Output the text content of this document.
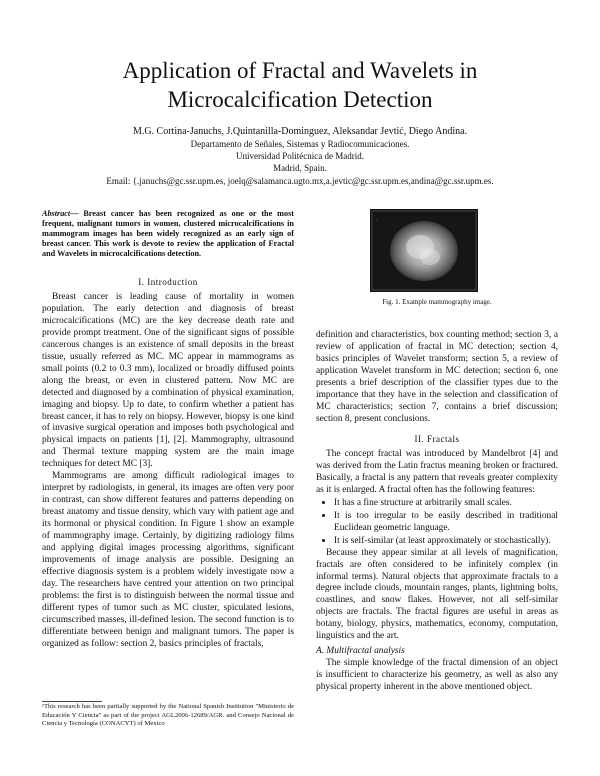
Application of Fractal and Wavelets in Microcalcification Detection
M.G. Cortina-Januchs, J.Quintanilla-Dominguez, Aleksandar Jevtić, Diego Andina.
Departamento de Señales, Sistemas y Radiocomunicaciones.
Universidad Politécnica de Madrid.
Madrid, Spain.
Email: {.januchs@gc.ssr.upm.es, joelq@salamanca.ugto.mx,a.jevtic@gc.ssr.upm.es,andina@gc.ssr.upm.es.
Abstract— Breast cancer has been recognized as one or the most frequent, malignant tumors in women, clustered microcalcifications in mammogram images has been widely recognized as an early sign of breast cancer. This work is devote to review the application of Fractal and Wavelets in microcalcifications detection.
I. Introduction

Breast cancer is leading cause of mortality in women population. The early detection and diagnosis of breast microcalcifications (MC) are the key decrease death rate and provide prompt treatment. One of the significant signs of possible cancerous changes is an existence of small deposits in the breast tissue, usually referred as MC. MC appear in mammograms as small points (0.2 to 0.3 mm), localized or broadly diffused points along the breast, or even in clustered pattern. Now MC are detected and diagnosed by a combination of physical examination, imaging and biopsy. Up to date, to confirm whether a patient has breast cancer, it has to rely on biopsy. However, biopsy is one kind of invasive surgical operation and imposes both psychological and physical impacts on patients [1], [2]. Mammography, ultrasound and Thermal texture mapping system are the main image techniques for detect MC [3].

Mammograms are among difficult radiological images to interpret by radiologists, in general, its images are often very poor in contrast, can show different features and patterns depending on breast anatomy and tissue density, which vary with patient age and its hormonal or physical condition. In Figure 1 show an example of mammography image. Certainly, by digitizing radiology films and applying digital images processing algorithms, significant improvements of image analysis are possible. Designing an effective diagnosis system is a problem widely investigate now a day. The researchers have centred your attention on two principal problems: the first is to distinguish between the normal tissue and different types of tumor such as MC cluster, spiculated lesions, circumscribed masses, ill-defined lesion. The second function is to differentiate between benign and malignant tumors. The paper is organized as follow: section 2, basics principles of fractals,

¹This research has been partially supported by the National Spanish Institution "Ministerio de Educación Y Ciencia" as part of the project AGL2006-12689/AGR. and Consejo Nacional de Ciencia y Tecnología (CONACYT) of Mexico
·
Fig. 1. Example mammography image.

definition and characteristics, box counting method; section 3, a review of application of fractal in MC detection; section 4, basics principles of Wavelet transform; section 5, a review of application Wavelet transform in MC detection; section 6, one presents a brief description of the classifier types due to the importance that they have in the selection and classification of MC characteristics; section 7, contains a brief discussion; section 8, present conclusions.

II. Fractals

The concept fractal was introduced by Mandelbrot [4] and was derived from the Latin fractus meaning broken or fractured. Basically, a fractal is any pattern that reveals greater complexity as it is enlarged. A fractal often has the following features:

• It has a fine structure at arbitrarily small scales.
• It is too irregular to be easily described in traditional Euclidean geometric language.
• It is self-similar (at least approximately or stochastically).

Because they appear similar at all levels of magnification, fractals are often considered to be infinitely complex (in informal terms). Natural objects that approximate fractals to a degree include clouds, mountain ranges, plants, lightning bolts, coastlines, and snow flakes. However, not all self-similar objects are fractals. The fractal figures are useful in areas as botany, biology, physics, mathematics, economy, computation, linguistics and the art.

A. Multifractal analysis

The simple knowledge of the fractal dimension of an object is insufficient to characterize his geometry, as well as also any physical property inherent in the above mentioned object.
